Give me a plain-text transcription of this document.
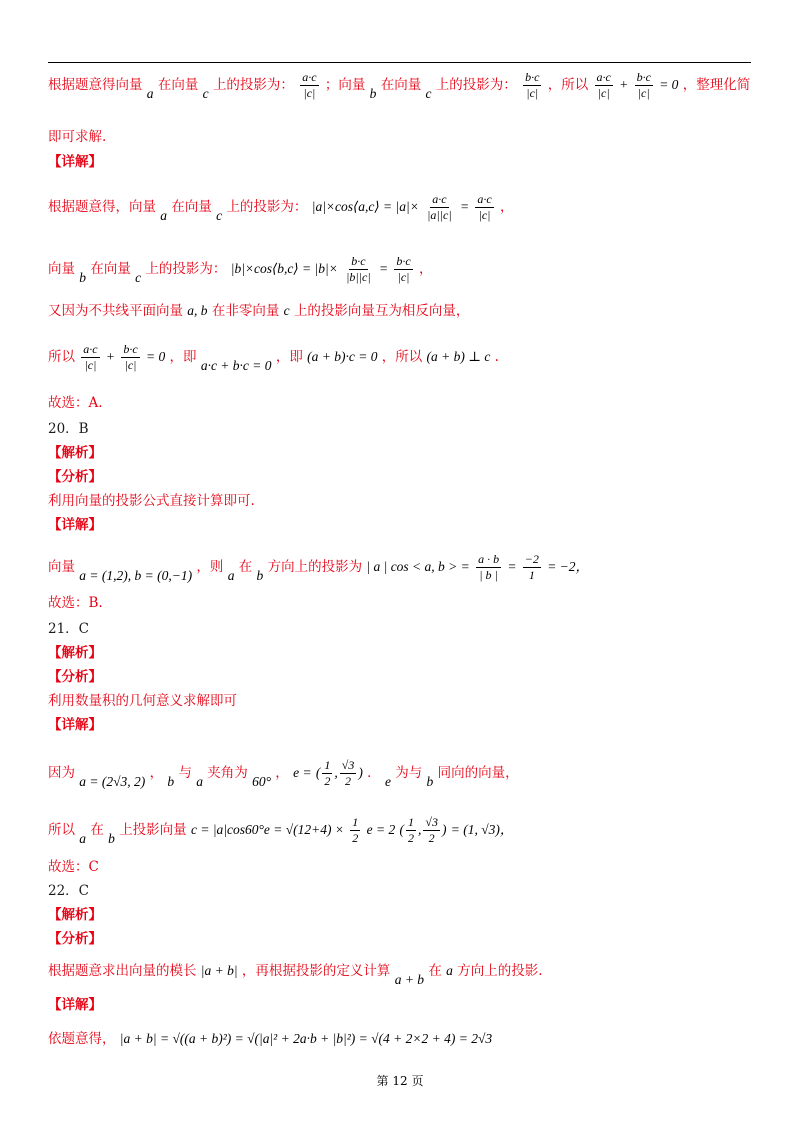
根据题意得向量 a 在向量 c 上的投影为： $\frac{a\cdot c}{|c|}$ ；向量 b 在向量 c 上的投影为： $\frac{b\cdot c}{|c|}$ ，所以 $\frac{a\cdot c}{|c|} + \frac{b\cdot c}{|c|} = 0$ ，整理化简
即可求解.
【详解】
根据题意得，向量 a 在向量 c 上的投影为： |a|×cos⟨a,c⟩ = $|a|\times \frac{a\cdot c}{|a||c|} = \frac{a\cdot c}{|c|}$ ，
向量 b 在向量 c 上的投影为： |b|×cos⟨b,c⟩ = $|b|\times \frac{b\cdot c}{|b||c|} = \frac{b\cdot c}{|c|}$ ，
又因为不共线平面向量 a, b 在非零向量 c 上的投影向量互为相反向量，
所以 $\frac{a\cdot c}{|c|} + \frac{b\cdot c}{|c|} = 0$ ，即 a·c + b·c = 0 ，即 (a + b)·c = 0 ，所以 (a + b) ⊥ c .
故选：A.
20．B
【解析】
【分析】
利用向量的投影公式直接计算即可.
【详解】
向量 a = (1,2), b = (0,−1) ，则 a 在 b 方向上的投影为 | a | cos < a, b > = $\frac{a \cdot b}{| b |} = \frac{-2}{1} = -2$，
故选：B.
21．C
【解析】
【分析】
利用数量积的几何意义求解即可
【详解】
因为 a = (2√3, 2) ， b 与 a 夹角为 60° ， e = ( $\frac{1}{2}$ , $\frac{√3}{2}$ ) ． e 为与 b 同向的向量，
所以 a 在 b 上投影向量 $c = |a|\cos 60^\circ e = √(12+4) \times \frac{1}{2}$ e = 2 ( $\frac{1}{2}$ , $\frac{√3}{2}$ ) = (1, √3)，
故选：C
22．C
【解析】
【分析】
根据题意求出向量的模长 |a + b| ，再根据投影的定义计算 a + b 在 a 方向上的投影.
【详解】
依题意得， |a + b| = √((a + b)²) = √(|a|² + 2a·b + |b|²) = √(4 + 2×2 + 4) = 2√3
第 12 页
